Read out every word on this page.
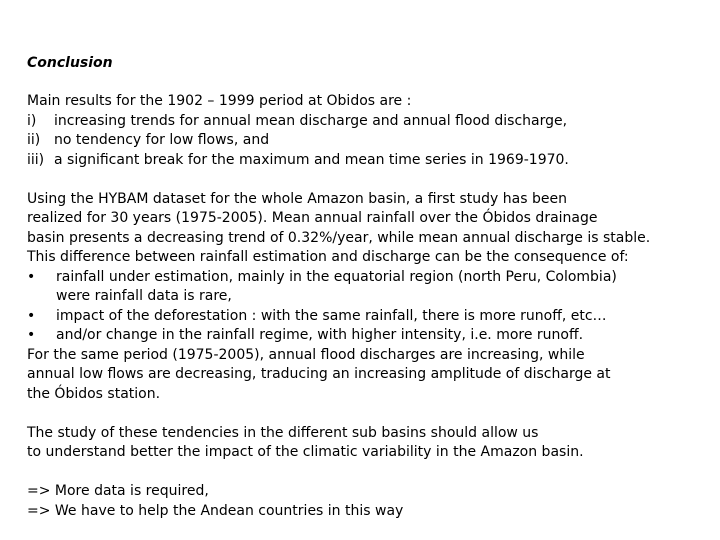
Conclusion
Main results for the 1902 – 1999 period at Obidos are :
i) increasing trends for annual mean discharge and annual flood discharge,
ii) no tendency for low flows, and
iii) a significant break for the maximum and mean time series in 1969-1970.
Using the HYBAM dataset for the whole Amazon basin, a first study has been
realized for 30 years (1975-2005). Mean annual rainfall over the Óbidos drainage
basin presents a decreasing trend of 0.32%/year, while mean annual discharge is stable.
This difference between rainfall estimation and discharge can be the consequence of:
• rainfall under estimation, mainly in the equatorial region (north Peru, Colombia)
were rainfall data is rare,
• impact of the deforestation : with the same rainfall, there is more runoff, etc…
• and/or change in the rainfall regime, with higher intensity, i.e. more runoff.
For the same period (1975-2005), annual flood discharges are increasing, while
annual low flows are decreasing, traducing an increasing amplitude of discharge at
the Óbidos station.
The study of these tendencies in the different sub basins should allow us
to understand better the impact of the climatic variability in the Amazon basin.
=> More data is required,
=> We have to help the Andean countries in this way
